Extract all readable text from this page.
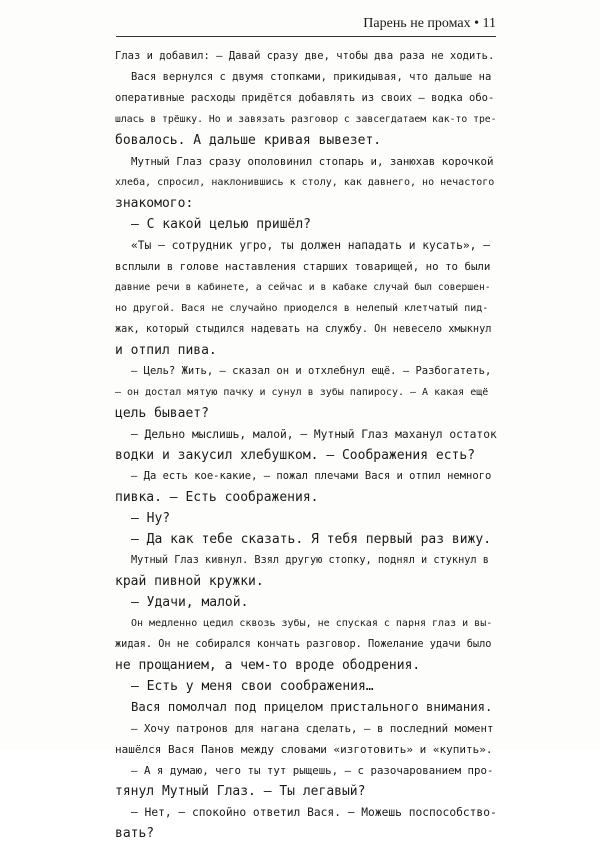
Парень не промах • 11
Глаз и добавил: — Давай сразу две, чтобы два раза не ходить.
Вася вернулся с двумя стопками, прикидывая, что дальше на
оперативные расходы придётся добавлять из своих — водка обо-
шлась в трёшку. Но и завязать разговор с завсегдатаем как-то тре-
бовалось. А дальше кривая вывезет.
Мутный Глаз сразу ополовинил стопарь и, занюхав корочкой
хлеба, спросил, наклонившись к столу, как давнего, но нечастого
знакомого:
— С какой целью пришёл?
«Ты — сотрудник угро, ты должен нападать и кусать», —
всплыли в голове наставления старших товарищей, но то были
давние речи в кабинете, а сейчас и в кабаке случай был совершен-
но другой. Вася не случайно приоделся в нелепый клетчатый пид-
жак, который стыдился надевать на службу. Он невесело хмыкнул
и отпил пива.
— Цель? Жить, — сказал он и отхлебнул ещё. — Разбогатеть,
— он достал мятую пачку и сунул в зубы папиросу. — А какая ещё
цель бывает?
— Дельно мыслишь, малой, — Мутный Глаз маханул остаток
водки и закусил хлебушком. — Соображения есть?
— Да есть кое-какие, — пожал плечами Вася и отпил немного
пивка. — Есть соображения.
— Ну?
— Да как тебе сказать. Я тебя первый раз вижу.
Мутный Глаз кивнул. Взял другую стопку, поднял и стукнул в
край пивной кружки.
— Удачи, малой.
Он медленно цедил сквозь зубы, не спуская с парня глаз и вы-
жидая. Он не собирался кончать разговор. Пожелание удачи было
не прощанием, а чем-то вроде ободрения.
— Есть у меня свои соображения…
Вася помолчал под прицелом пристального внимания.
— Хочу патронов для нагана сделать, — в последний момент
нашёлся Вася Панов между словами «изготовить» и «купить».
— А я думаю, чего ты тут рыщешь, — с разочарованием про-
тянул Мутный Глаз. — Ты легавый?
— Нет, — спокойно ответил Вася. — Можешь поспособство-
вать?
